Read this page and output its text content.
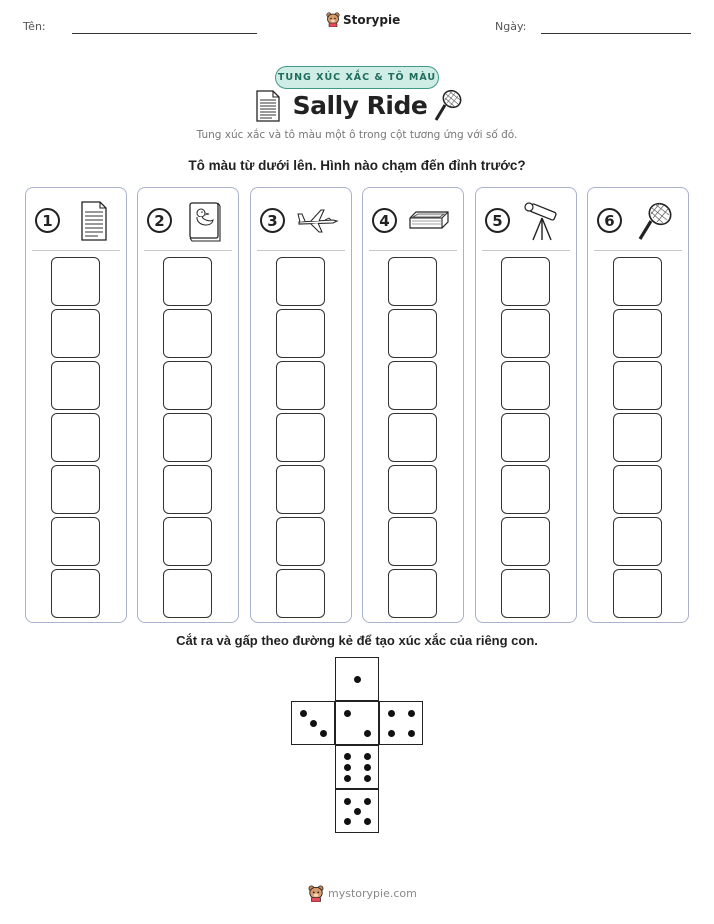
Tên:	Ngày:
Storypie
TUNG XÚC XẮC & TÔ MÀU
Sally Ride
Tung xúc xắc và tô màu một ô trong cột tương ứng với số đó.
Tô màu từ dưới lên. Hình nào chạm đến đỉnh trước?
1	2	3	4	5	6
Cắt ra và gấp theo đường kẻ để tạo xúc xắc của riêng con.
mystorypie.com
